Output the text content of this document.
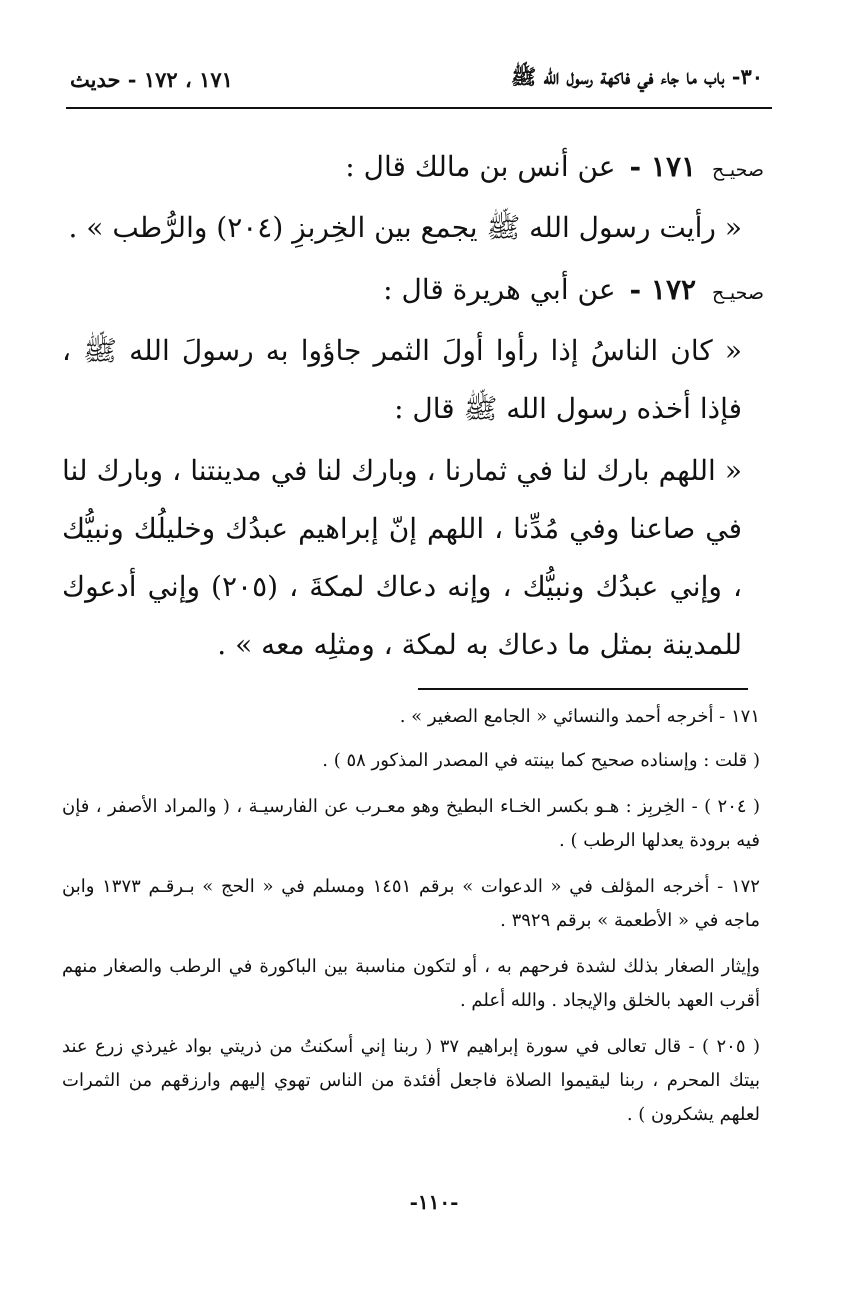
٣٠- باب ما جاء في فاكهة رسول الله ﷺ
١٧١ ، ١٧٢ - حديث
صحيـح
١٧١ -
عن أنس بن مالك قال :

« رأيت رسول الله ﷺ يجمع بين الخِربزِ (٢٠٤) والرُّطب » .

صحيـح
١٧٢ -
عن أبي هريرة قال :

« كان الناسُ إذا رأوا أولَ الثمر جاؤوا به رسولَ الله ﷺ ، فإذا أخذه رسول الله ﷺ قال :

« اللهم بارك لنا في ثمارنا ، وبارك لنا في مدينتنا ، وبارك لنا في صاعنا وفي مُدِّنا ، اللهم إنّ إبراهيم عبدُك وخليلُك ونبيُّك ، وإني عبدُك ونبيُّك ، وإنه دعاك لمكةَ ، (٢٠٥) وإني أدعوك للمدينة بمثل ما دعاك به لمكة ، ومثلِه معه » .

١٧١ - أخرجه أحمد والنسائي « الجامع الصغير » .

( قلت : وإسناده صحيح كما بينته في المصدر المذكور ٥٨ ) .

( ٢٠٤ ) - الخِربِز : هـو بكسر الخـاء البطيخ وهو معـرب عن الفارسيـة ، ( والمراد الأصفر ، فإن فيه برودة يعدلها الرطب ) .

١٧٢ - أخرجه المؤلف في « الدعوات » برقم ١٤٥١ ومسلم في « الحج » بـرقـم ١٣٧٣ وابن ماجه في « الأطعمة » برقم ٣٩٢٩ .

وإيثار الصغار بذلك لشدة فرحهم به ، أو لتكون مناسبة بين الباكورة في الرطب والصغار منهم أقرب العهد بالخلق والإيجاد . والله أعلم .

( ٢٠٥ ) - قال تعالى في سورة إبراهيم ٣٧ ( ربنا إني أسكنتُ من ذريتي بواد غيرذي زرع عند بيتك المحرم ، ربنا ليقيموا الصلاة فاجعل أفئدة من الناس تهوي إليهم وارزقهم من الثمرات لعلهم يشكرون ) .

-١١٠-
